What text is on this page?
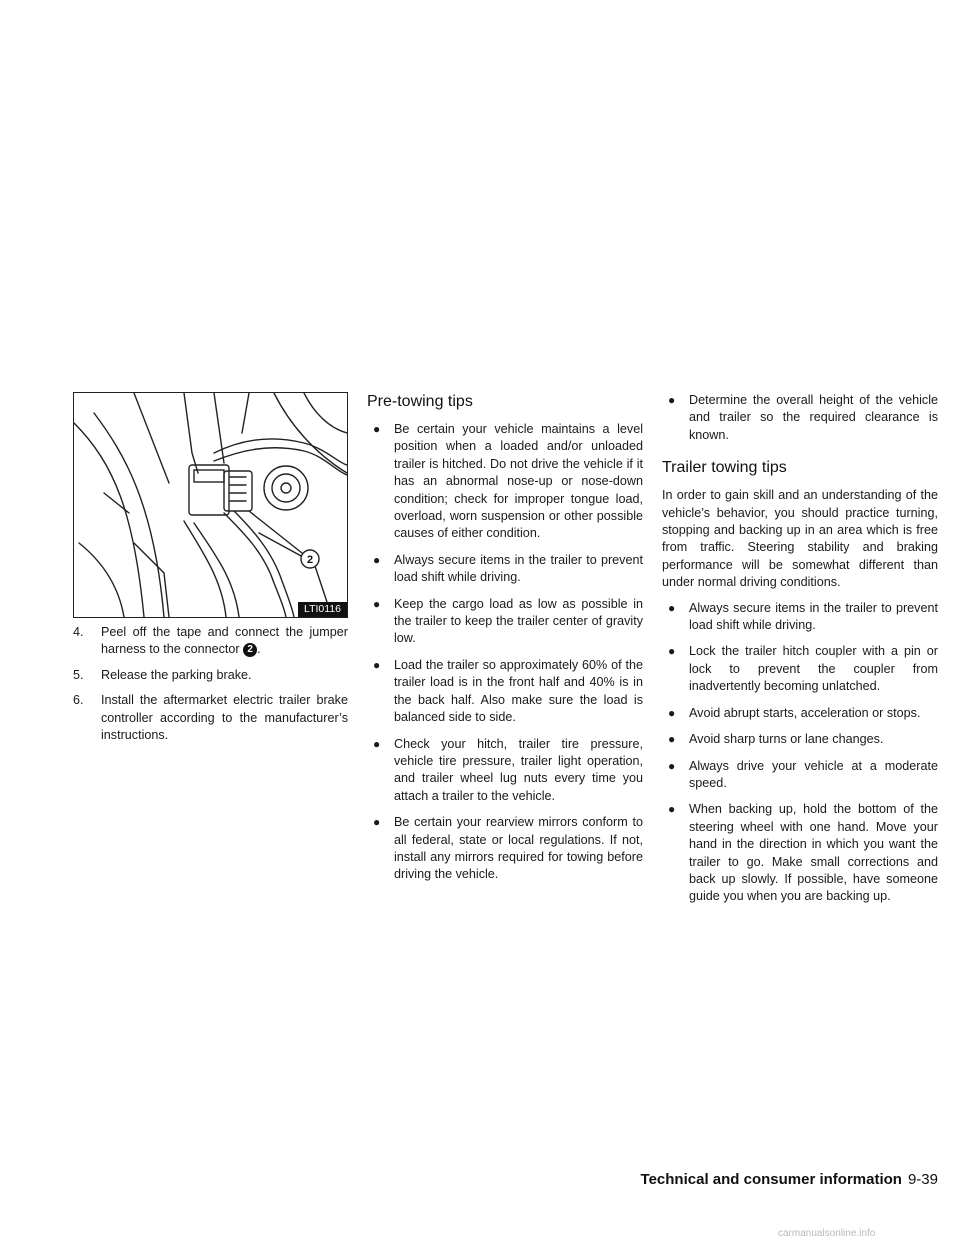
2
LTI0116
4. Peel off the tape and connect the jumper harness to the connector 2 .
5. Release the parking brake.
6. Install the aftermarket electric trailer brake controller according to the manufacturer’s instructions.
Pre-towing tips
● Be certain your vehicle maintains a level position when a loaded and/or unloaded trailer is hitched. Do not drive the vehicle if it has an abnormal nose-up or nose-down condition; check for improper tongue load, overload, worn suspension or other possible causes of either condition.
● Always secure items in the trailer to prevent load shift while driving.
● Keep the cargo load as low as possible in the trailer to keep the trailer center of gravity low.
● Load the trailer so approximately 60% of the trailer load is in the front half and 40% is in the back half. Also make sure the load is balanced side to side.
● Check your hitch, trailer tire pressure, vehicle tire pressure, trailer light operation, and trailer wheel lug nuts every time you attach a trailer to the vehicle.
● Be certain your rearview mirrors conform to all federal, state or local regulations. If not, install any mirrors required for towing before driving the vehicle.
● Determine the overall height of the vehicle and trailer so the required clearance is known.
Trailer towing tips

In order to gain skill and an understanding of the vehicle’s behavior, you should practice turning, stopping and backing up in an area which is free from traffic. Steering stability and braking performance will be somewhat different than under normal driving conditions.

● Always secure items in the trailer to prevent load shift while driving.
● Lock the trailer hitch coupler with a pin or lock to prevent the coupler from inadvertently becoming unlatched.
● Avoid abrupt starts, acceleration or stops.
● Avoid sharp turns or lane changes.
● Always drive your vehicle at a moderate speed.
● When backing up, hold the bottom of the steering wheel with one hand. Move your hand in the direction in which you want the trailer to go. Make small corrections and back up slowly. If possible, have someone guide you when you are backing up.
Technical and consumer information 9-39
carmanualsonline.info
